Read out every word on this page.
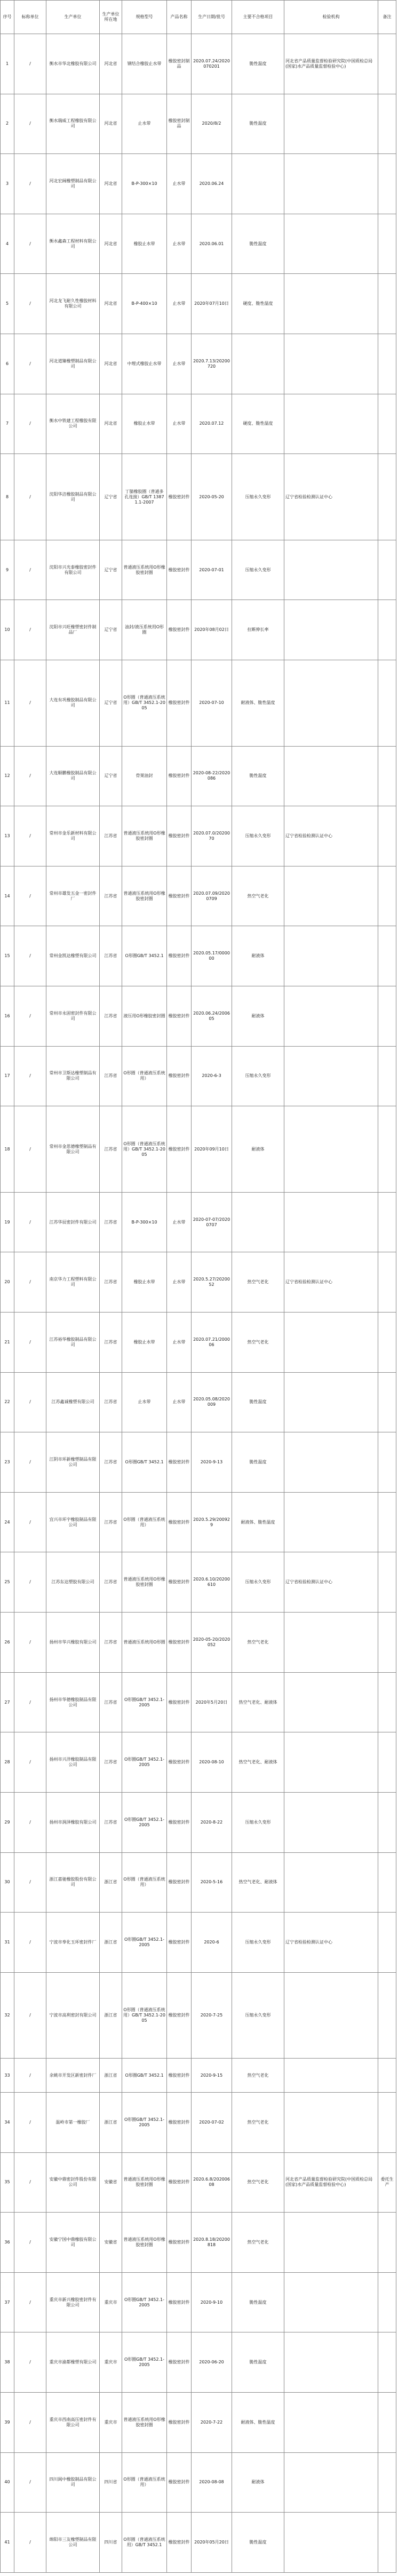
序号	标称单位	生产单位	生产单位所在地	规格型号	产品名称	生产日期/批号	主要不合格项目	检验机构	备注
1	/	衡水市华北橡胶有限公司	河北省	钢结合橡胶止水带	橡胶密封制品	2020.07.24/2020070201	脆性温度	河北省产品质量监督检验研究院(中国质检总局(国家)水产品质量监督检验中心)	
2	/	衡水瑞威工程橡胶有限公司	河北省	止水带	橡胶密封制品	2020/8/2	脆性温度		
3	/	河北宏阔橡塑制品有限公司	河北省	B-P-300×10	止水带	2020.06.24			
4	/	衡水鑫森工程材料有限公司	河北省	橡胶止水带	止水带	2020.06.01	脆性温度		
5	/	河北龙飞耐久性橡胶材料有限公司	河北省	B-P-400×10	止水带	2020年07月10日	硬度、脆性温度		
6	/	河北道臻橡塑制品有限公司	河北省	中埋式橡胶止水带	止水带	2020.7.13/20200720			
7	/	衡水中铁建工程橡胶有限公司	河北省	橡胶止水带	止水带	2020.07.12	硬度、脆性温度		
8	/	沈阳华洁橡胶制品有限公司	辽宁省	丁腈橡胶圈（普通多孔连接）GB/T 13871.1-2007	橡胶密封件	2020-05-20	压缩永久变形	辽宁省检验检测认证中心	
9	/	沈阳市兴光泰橡胶密封件有限公司	辽宁省	普通液压系统用O形橡胶密封圈	橡胶密封件	2020-07-01	压缩永久变形		
10	/	沈阳市兴旺橡塑密封件制品厂	辽宁省	油封/液压系统用O形圈	橡胶密封件	2020年08月02日	拉断伸长率		
11	/	大连有巩橡胶制品有限公司	辽宁省	O形圈（普通液压系统用）GB/T 3452.1-2005	橡胶密封件	2020-07-10	耐液体、脆性温度		
12	/	大连顺鹏橡胶制品有限公司	辽宁省	骨架油封	橡胶密封件	2020-08-22/2020086	脆性温度		
13	/	常州市金乐新材料有限公司	江苏省	普通液压系统用O形橡胶密封圈	橡胶密封件	2020.07.0/2020070	压缩永久变形	辽宁省检验检测认证中心	
14	/	常州市雄发五金一密封件厂	江苏省	普通液压系统用O形橡胶密封圈	橡胶密封件	2020.07.09/20200709	热空气老化		
15	/	常州金凯达橡塑有限公司	江苏省	O形圈GB/T 3452.1	橡胶密封件	2020.05.17/000000	耐液体		
16	/	常州市永固密封件有限公司	江苏省	液压用O形橡胶密封圈	橡胶密封件	2020.06.24/200605	耐液体		
17	/	常州市卫斯达橡塑制品有限公司	江苏省	O形圈（普通液压系统用）	橡胶密封件	2020-6-3	压缩永久变形		
18	/	常州市金思德橡塑制品有限公司	江苏省	O形圈（普通液压系统用）GB/T 3452.1-2005	橡胶密封件	2020年09月10日	耐液体		
19	/	江苏华辰密封件有限公司	江苏省	B-P-300×10	止水带	2020-07-07/20200707			
20	/	南京华力工程塑料有限公司	江苏省	橡胶止水带	止水带	2020.5.27/2020052	热空气老化	辽宁省检验检测认证中心	
21	/	江苏裕华橡胶制品有限公司	江苏省	橡胶止水带	止水带	2020.07.21/200006	热空气老化		
22	/	江苏鑫诚橡塑有限公司	江苏省	止水带	止水带	2020.05.08/2020009	脆性温度		
23	/	江阴市环新橡塑制品有限公司	江苏省	O形圈GB/T 3452.1	橡胶密封件	2020-9-13	脆性温度		
24	/	宜兴市环宇橡胶制品有限公司	江苏省	O形圈（普通液压系统用）	橡胶密封件	2020.5.29/200929	耐液体、脆性温度		
25	/	江苏东达塑胶有限公司	江苏省	普通液压系统用O形橡胶密封圈	橡胶密封件	2020.6.10/20200610	压缩永久变形	辽宁省检验检测认证中心	
26	/	扬州市华兴橡胶有限公司	江苏省	普通液压系统用O形圈	橡胶密封件	2020-05-20/2020052	热空气老化		
27	/	扬州市华德橡胶制品有限公司	江苏省	O形圈GB/T 3452.1-2005	橡胶密封件	2020年5月20日	热空气老化、耐液体		
28	/	扬州市兴洋橡胶制品有限公司	江苏省	O形圈GB/T 3452.1-2005	橡胶密封件	2020-08-10	热空气老化、耐液体		
29	/	扬州市润泽橡胶有限公司	江苏省	O形圈GB/T 3452.1-2005	橡胶密封件	2020-8-22	压缩永久变形		
30	/	浙江嘉驰橡胶股份有限公司	浙江省	O形圈（普通液压系统用）	橡胶密封件	2020-5-16	热空气老化、耐液体		
31	/	宁波市奉化玉环密封件厂	浙江省	O形圈GB/T 3452.1-2005	橡胶密封件	2020-6	压缩永久变形	辽宁省检验检测认证中心	
32	/	宁波市高利密封有限公司	浙江省	O形圈（普通液压系统用）GB/T 3452.1-2005	橡胶密封件	2020-7-25	压缩永久变形		
33	/	余姚市开发区新密封件厂	浙江省	O形圈GB/T 3452.1	橡胶密封件	2020-9-15	热空气老化		
34	/	温岭市第一橡胶厂	浙江省	O形圈GB/T 3452.1-2005	橡胶密封件	2020-07-02	热空气老化		
35	/	安徽中鼎密封件股份有限公司	安徽省	普通液压系统用O形橡胶密封圈	橡胶密封件	2020.6.8/20200608	热空气老化	河北省产品质量监督检验研究院(中国质检总局(国家)水产品质量监督检验中心)	委托生产
36	/	安徽宁国中鼎橡胶有限公司	安徽省	普通液压系统用O形橡胶密封圈	橡胶密封件	2020.8.18/20200818	热空气老化		
37	/	重庆市新兴橡胶密封件有限公司	重庆市	O形圈GB/T 3452.1-2005	橡胶密封件	2020-9-10	脆性温度		
38	/	重庆市渝都橡塑有限公司	重庆市	O形圈GB/T 3452.1-2005	橡胶密封件	2020-06-20	脆性温度		
39	/	重庆市西南高压密封件有限公司	重庆市	普通液压系统用O形橡胶密封圈	橡胶密封件	2020-7-22	耐液体、脆性温度		
40	/	四川阆中橡胶制品有限公司	四川省	O形圈（普通液压系统用）	橡胶密封件	2020-08-08	耐液体		
41	/	绵阳市三友橡塑制品有限公司	四川省	O形圈（普通液压系统用）GB/T 3452.1	橡胶密封件	2020年05月20日	脆性温度		
